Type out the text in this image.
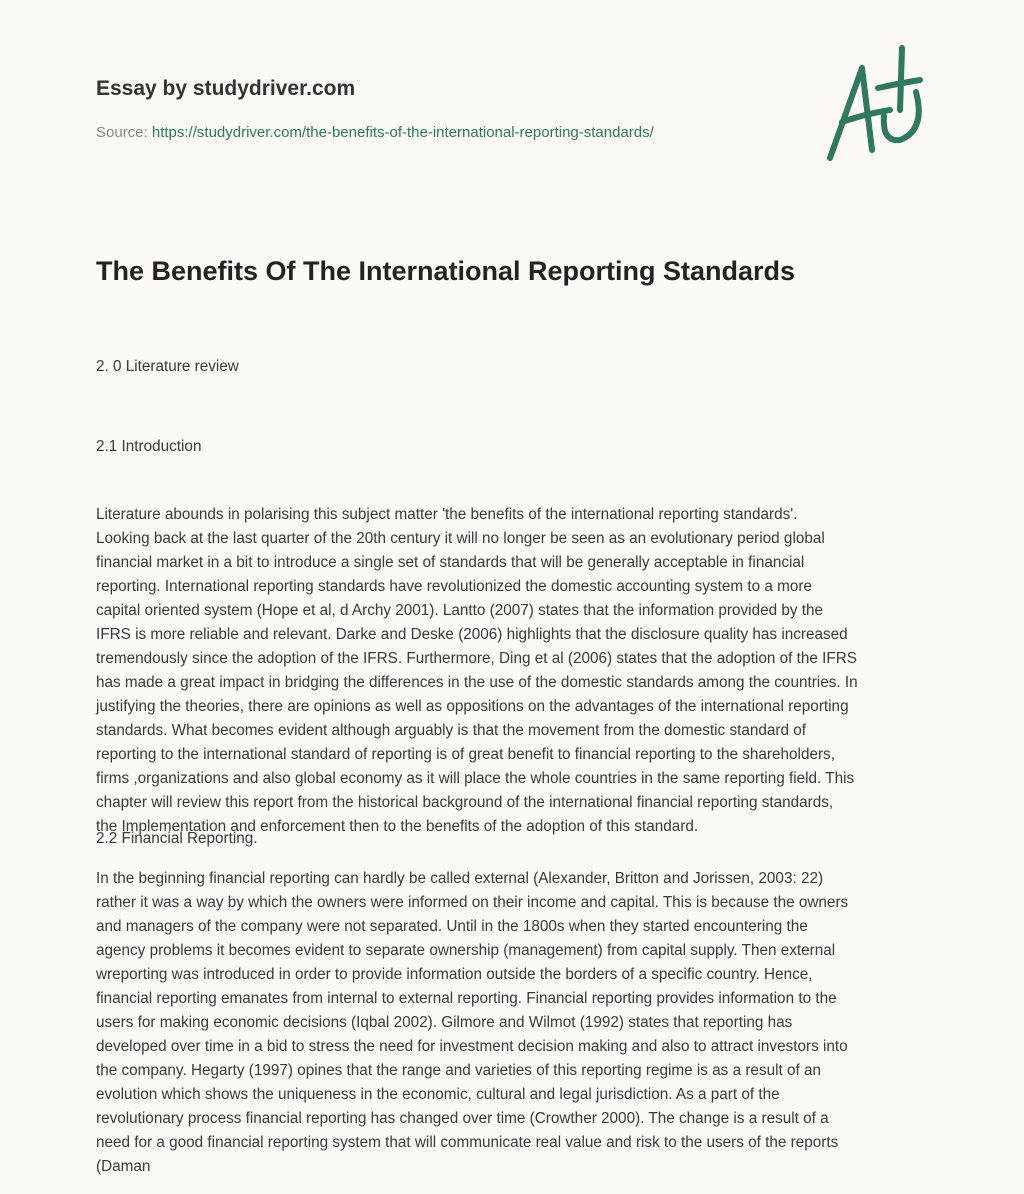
Essay by studydriver.com
Source: https://studydriver.com/the-benefits-of-the-international-reporting-standards/
The Benefits Of The International Reporting Standards
2. 0 Literature review
2.1 Introduction
Literature abounds in polarising this subject matter 'the benefits of the international reporting standards'.
Looking back at the last quarter of the 20th century it will no longer be seen as an evolutionary period global
financial market in a bit to introduce a single set of standards that will be generally acceptable in financial
reporting. International reporting standards have revolutionized the domestic accounting system to a more
capital oriented system (Hope et al, d Archy 2001). Lantto (2007) states that the information provided by the
IFRS is more reliable and relevant. Darke and Deske (2006) highlights that the disclosure quality has increased
tremendously since the adoption of the IFRS. Furthermore, Ding et al (2006) states that the adoption of the IFRS
has made a great impact in bridging the differences in the use of the domestic standards among the countries. In
justifying the theories, there are opinions as well as oppositions on the advantages of the international reporting
standards. What becomes evident although arguably is that the movement from the domestic standard of
reporting to the international standard of reporting is of great benefit to financial reporting to the shareholders,
firms ,organizations and also global economy as it will place the whole countries in the same reporting field. This
chapter will review this report from the historical background of the international financial reporting standards,
the Implementation and enforcement then to the benefits of the adoption of this standard.
2.2 Financial Reporting.
In the beginning financial reporting can hardly be called external (Alexander, Britton and Jorissen, 2003: 22)
rather it was a way by which the owners were informed on their income and capital. This is because the owners
and managers of the company were not separated. Until in the 1800s when they started encountering the
agency problems it becomes evident to separate ownership (management) from capital supply. Then external
wreporting was introduced in order to provide information outside the borders of a specific country. Hence,
financial reporting emanates from internal to external reporting. Financial reporting provides information to the
users for making economic decisions (Iqbal 2002). Gilmore and Wilmot (1992) states that reporting has
developed over time in a bid to stress the need for investment decision making and also to attract investors into
the company. Hegarty (1997) opines that the range and varieties of this reporting regime is as a result of an
evolution which shows the uniqueness in the economic, cultural and legal jurisdiction. As a part of the
revolutionary process financial reporting has changed over time (Crowther 2000). The change is a result of a
need for a good financial reporting system that will communicate real value and risk to the users of the reports
(Daman
